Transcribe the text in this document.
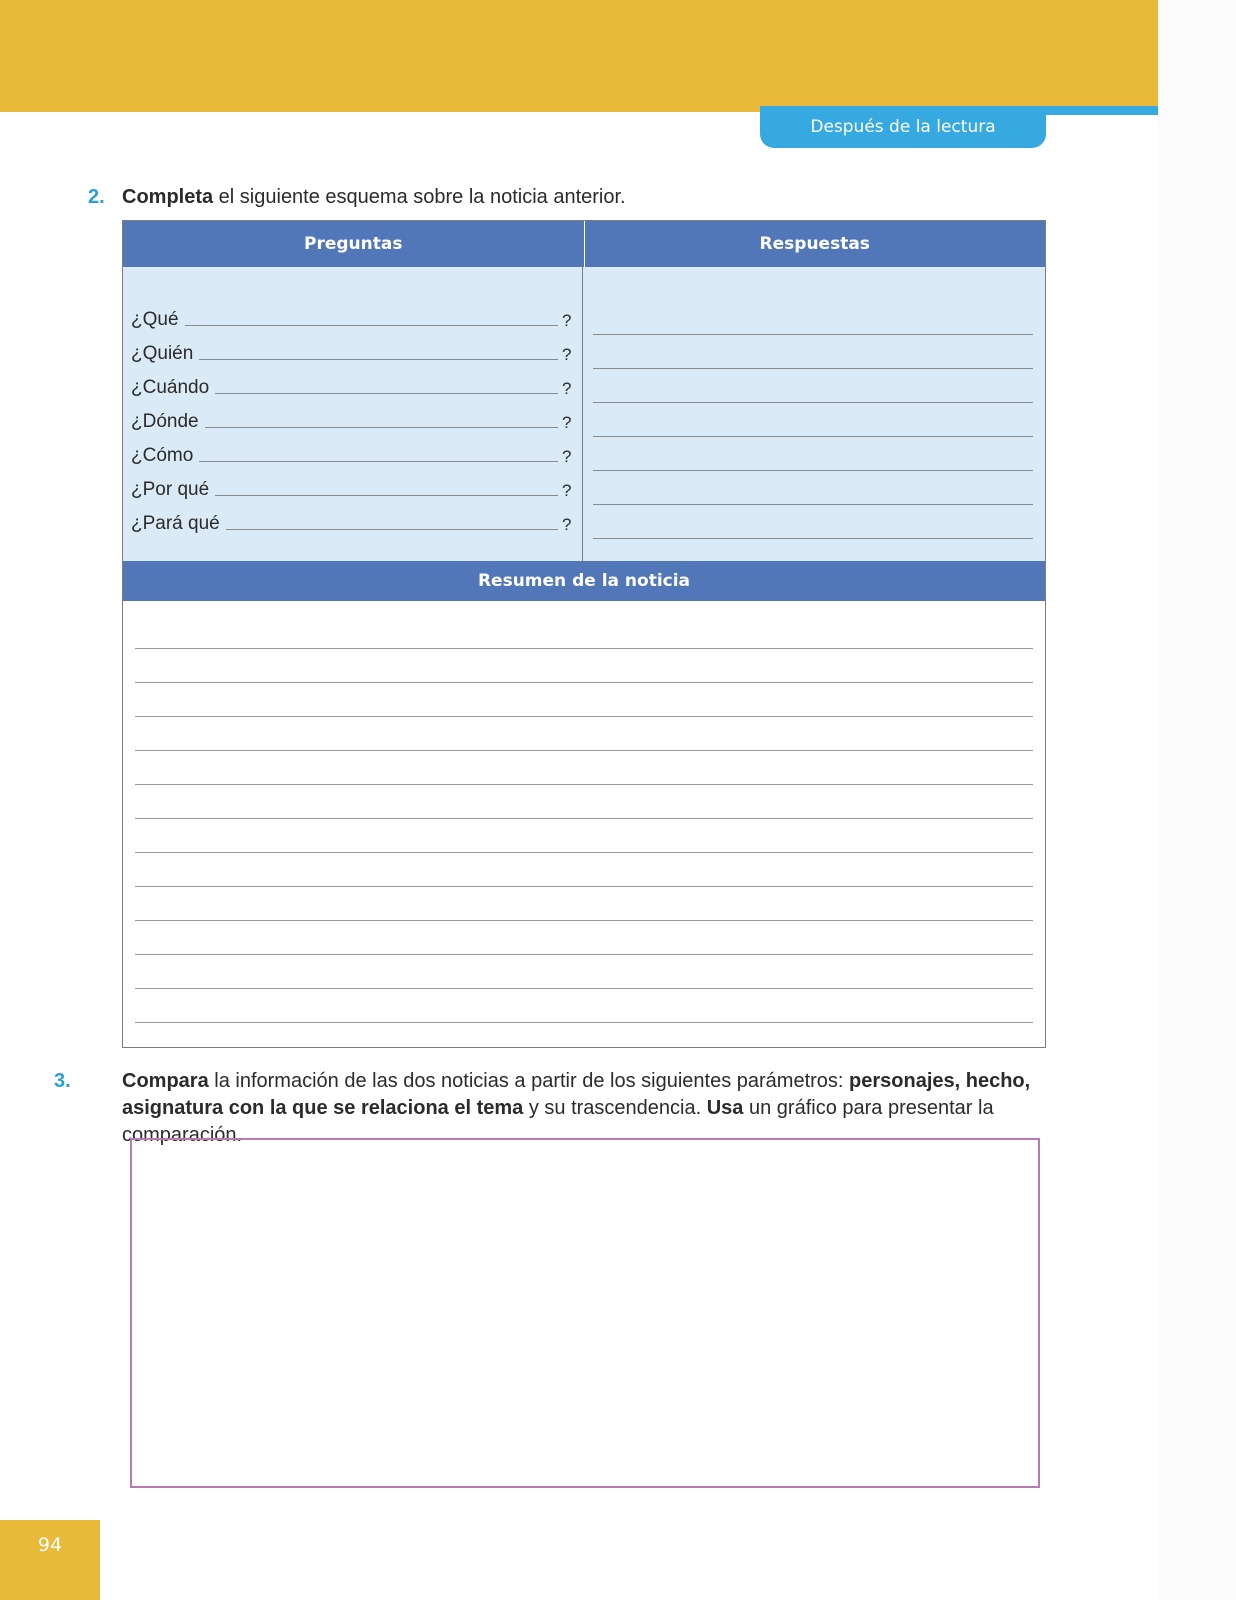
Después de la lectura
2. Completa el siguiente esquema sobre la noticia anterior.
Preguntas	Respuestas
¿Qué	?
¿Quién	?
¿Cuándo	?
¿Dónde	?
¿Cómo	?
¿Por qué	?
¿Pará qué	?
Resumen de la noticia
3.	Compara la información de las dos noticias a partir de los siguientes parámetros: personajes, hecho, asignatura con la que se relaciona el tema y su trascendencia. Usa un gráfico para presentar la comparación.
94
